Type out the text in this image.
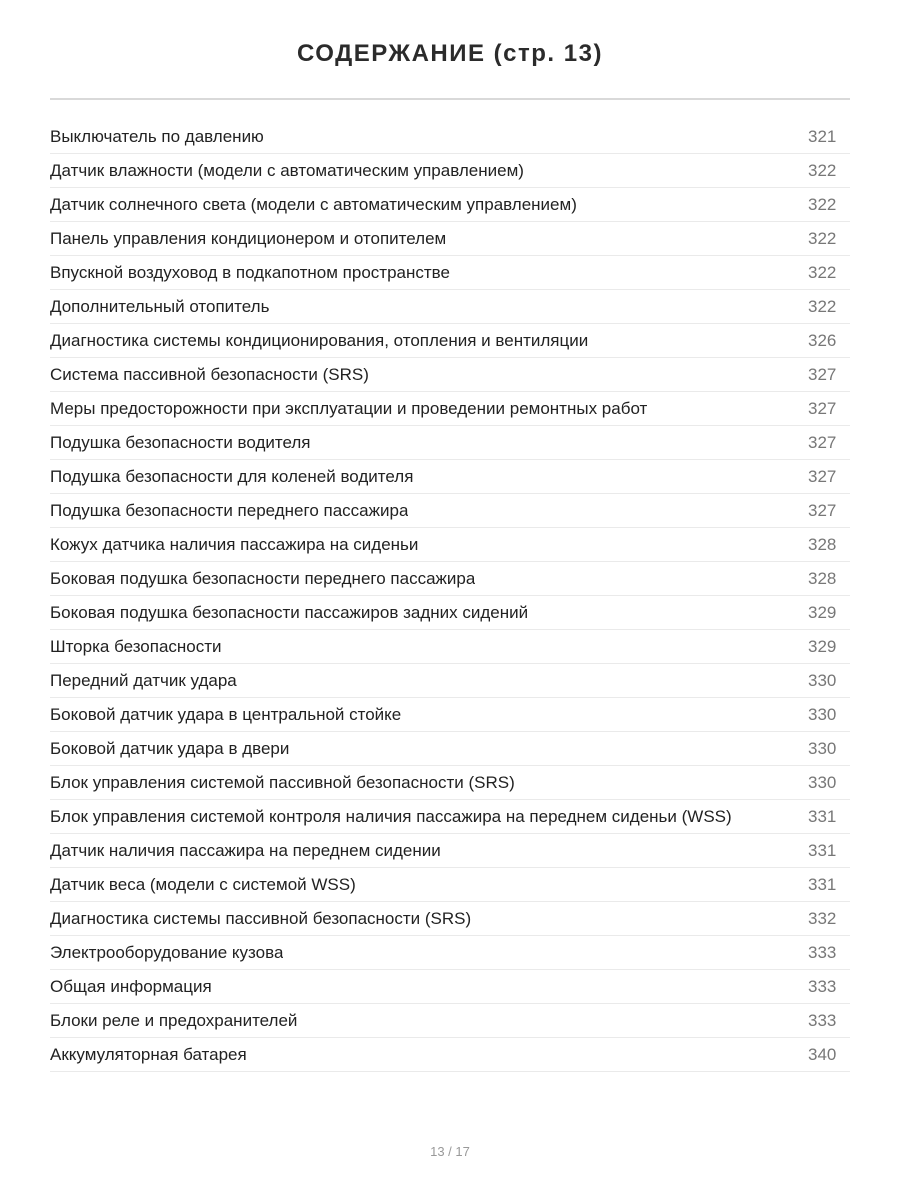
СОДЕРЖАНИЕ (стр. 13)
Выключатель по давлению	321
Датчик влажности (модели с автоматическим управлением)	322
Датчик солнечного света (модели с автоматическим управлением)	322
Панель управления кондиционером и отопителем	322
Впускной воздуховод в подкапотном пространстве	322
Дополнительный отопитель	322
Диагностика системы кондиционирования, отопления и вентиляции	326
Система пассивной безопасности (SRS)	327
Меры предосторожности при эксплуатации и проведении ремонтных работ	327
Подушка безопасности водителя	327
Подушка безопасности для коленей водителя	327
Подушка безопасности переднего пассажира	327
Кожух датчика наличия пассажира на сиденьи	328
Боковая подушка безопасности переднего пассажира	328
Боковая подушка безопасности пассажиров задних сидений	329
Шторка безопасности	329
Передний датчик удара	330
Боковой датчик удара в центральной стойке	330
Боковой датчик удара в двери	330
Блок управления системой пассивной безопасности (SRS)	330
Блок управления системой контроля наличия пассажира на переднем сиденьи (WSS)	331
Датчик наличия пассажира на переднем сидении	331
Датчик веса (модели с системой WSS)	331
Диагностика системы пассивной безопасности (SRS)	332
Электрооборудование кузова	333
Общая информация	333
Блоки реле и предохранителей	333
Аккумуляторная батарея	340
13 / 17
